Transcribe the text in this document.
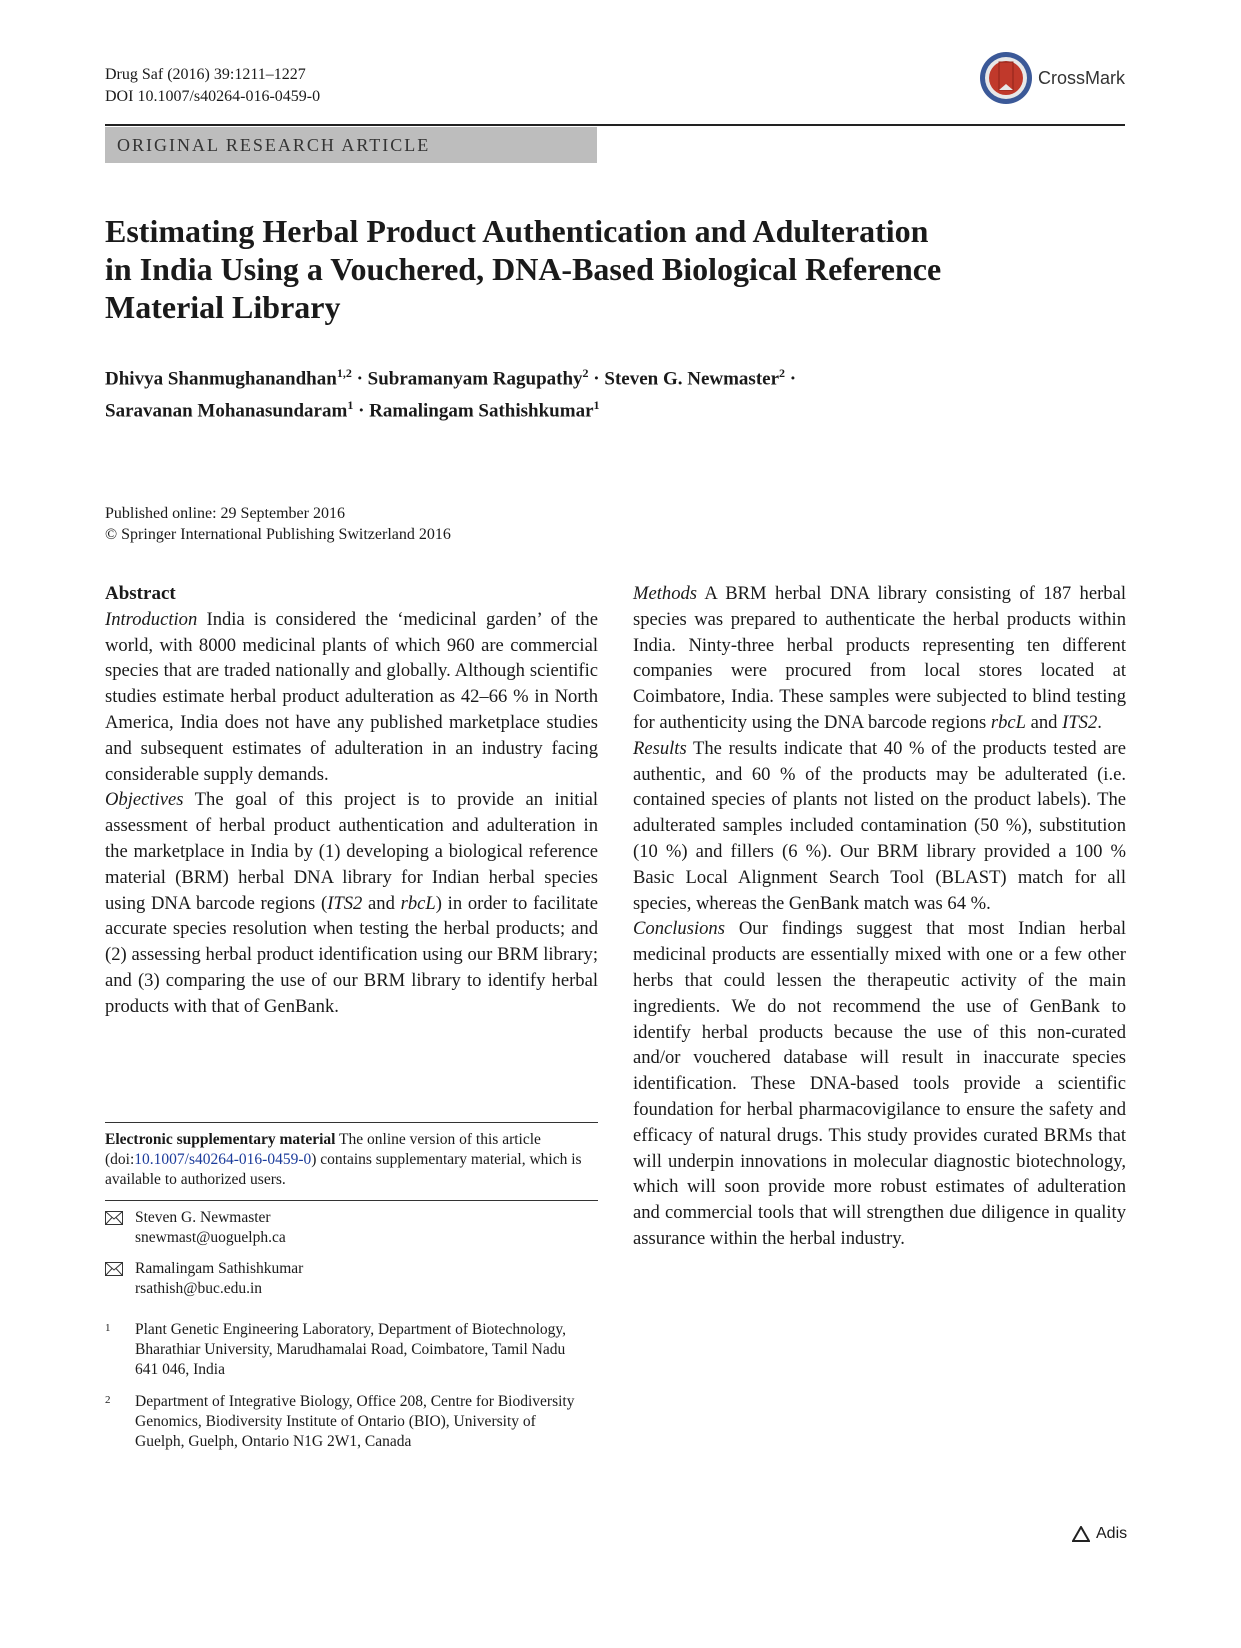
Drug Saf (2016) 39:1211–1227
DOI 10.1007/s40264-016-0459-0
CrossMark
ORIGINAL RESEARCH ARTICLE
Estimating Herbal Product Authentication and Adulteration
in India Using a Vouchered, DNA-Based Biological Reference
Material Library
Dhivya Shanmughanandhan$^{1,2}$ · Subramanyam Ragupathy$^2$ · Steven G. Newmaster$^2$ ·
Saravanan Mohanasundaram$^1$ · Ramalingam Sathishkumar$^1$
Published online: 29 September 2016
© Springer International Publishing Switzerland 2016
Abstract

Introduction India is considered the ‘medicinal garden’ of the world, with 8000 medicinal plants of which 960 are commercial species that are traded nationally and globally. Although scientific studies estimate herbal product adulteration as 42–66 % in North America, India does not have any published marketplace studies and subsequent estimates of adulteration in an industry facing considerable supply demands.

Objectives The goal of this project is to provide an initial assessment of herbal product authentication and adulteration in the marketplace in India by (1) developing a biological reference material (BRM) herbal DNA library for Indian herbal species using DNA barcode regions (ITS2 and rbcL) in order to facilitate accurate species resolution when testing the herbal products; and (2) assessing herbal product identification using our BRM library; and (3) comparing the use of our BRM library to identify herbal products with that of GenBank.

Methods A BRM herbal DNA library consisting of 187 herbal species was prepared to authenticate the herbal products within India. Ninty-three herbal products representing ten different companies were procured from local stores located at Coimbatore, India. These samples were subjected to blind testing for authenticity using the DNA barcode regions rbcL and ITS2.

Results The results indicate that 40 % of the products tested are authentic, and 60 % of the products may be adulterated (i.e. contained species of plants not listed on the product labels). The adulterated samples included contamination (50 %), substitution (10 %) and fillers (6 %). Our BRM library provided a 100 % Basic Local Alignment Search Tool (BLAST) match for all species, whereas the GenBank match was 64 %.

Conclusions Our findings suggest that most Indian herbal medicinal products are essentially mixed with one or a few other herbs that could lessen the therapeutic activity of the main ingredients. We do not recommend the use of GenBank to identify herbal products because the use of this non-curated and/or vouchered database will result in inaccurate species identification. These DNA-based tools provide a scientific foundation for herbal pharmacovigilance to ensure the safety and efficacy of natural drugs. This study provides curated BRMs that will underpin innovations in molecular diagnostic biotechnology, which will soon provide more robust estimates of adulteration and commercial tools that will strengthen due diligence in quality assurance within the herbal industry.

Electronic supplementary material The online version of this article (doi:10.1007/s40264-016-0459-0) contains supplementary material, which is available to authorized users.
Steven G. Newmaster
snewmast@uoguelph.ca
Ramalingam Sathishkumar
rsathish@buc.edu.in
1 Plant Genetic Engineering Laboratory, Department of Biotechnology, Bharathiar University, Marudhamalai Road, Coimbatore, Tamil Nadu 641 046, India
2 Department of Integrative Biology, Office 208, Centre for Biodiversity Genomics, Biodiversity Institute of Ontario (BIO), University of Guelph, Guelph, Ontario N1G 2W1, Canada
Adis
